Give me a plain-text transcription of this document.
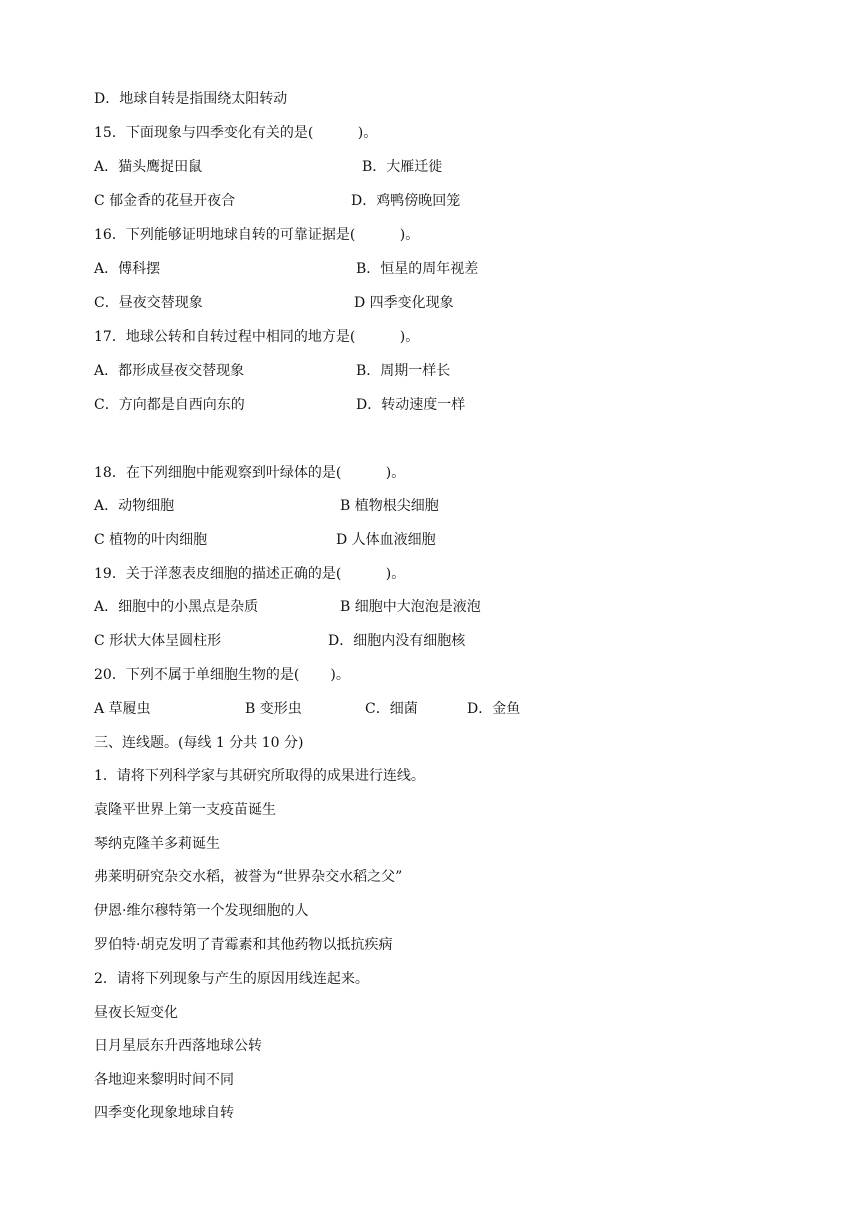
D．地球自转是指围绕太阳转动
15．下面现象与四季变化有关的是(          )。
A．猫头鹰捉田鼠	B．大雁迁徙
C 郁金香的花昼开夜合	D．鸡鸭傍晚回笼
16．下列能够证明地球自转的可靠证据是(          )。
A．傅科摆	B．恒星的周年视差
C．昼夜交替现象	D 四季变化现象
17．地球公转和自转过程中相同的地方是(          )。
A．都形成昼夜交替现象	B．周期一样长
C．方向都是自西向东的	D．转动速度一样
18．在下列细胞中能观察到叶绿体的是(          )。
A．动物细胞	B 植物根尖细胞
C 植物的叶肉细胞	D 人体血液细胞
19．关于洋葱表皮细胞的描述正确的是(          )。
A．细胞中的小黑点是杂质	B 细胞中大泡泡是液泡
C 形状大体呈圆柱形	D．细胞内没有细胞核
20．下列不属于单细胞生物的是(       )。
A 草履虫	B 变形虫	C．细菌	D．金鱼
三、连线题。(每线 1 分共 10 分)
1．请将下列科学家与其研究所取得的成果进行连线。
袁隆平世界上第一支疫苗诞生
琴纳克隆羊多莉诞生
弗莱明研究杂交水稻，被誉为“世界杂交水稻之父”
伊恩·维尔穆特第一个发现细胞的人
罗伯特·胡克发明了青霉素和其他药物以抵抗疾病
2．请将下列现象与产生的原因用线连起来。
昼夜长短变化
日月星辰东升西落地球公转
各地迎来黎明时间不同
四季变化现象地球自转
